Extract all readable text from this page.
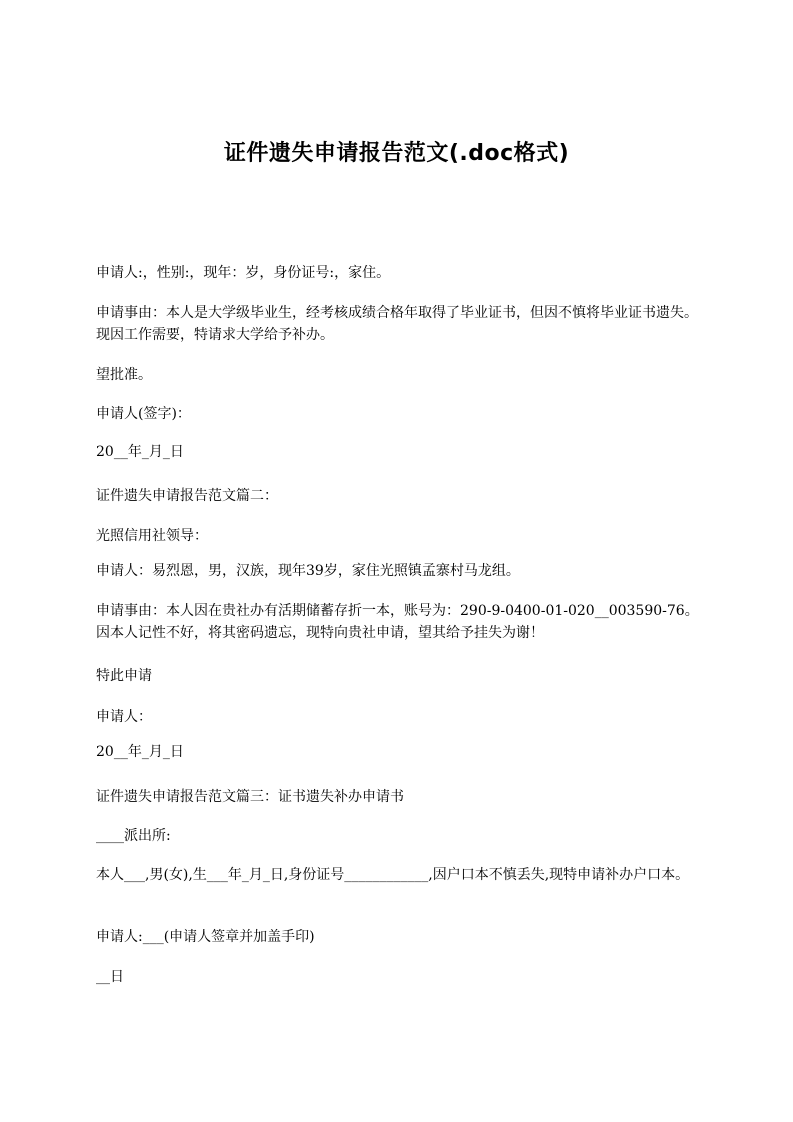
证件遗失申请报告范文(.doc格式)

申请人:，性别:，现年：岁，身份证号:，家住。

申请事由：本人是大学级毕业生，经考核成绩合格年取得了毕业证书，但因不慎将毕业证书遗失。现因工作需要，特请求大学给予补办。

望批准。

申请人(签字)：

20__年_月_日

证件遗失申请报告范文篇二：

光照信用社领导：

申请人：易烈恩，男，汉族，现年39岁，家住光照镇孟寨村马龙组。

申请事由：本人因在贵社办有活期储蓄存折一本，账号为：290-9-0400-01-020__003590-76。因本人记性不好，将其密码遗忘，现特向贵社申请，望其给予挂失为谢！

特此申请

申请人：

20__年_月_日

证件遗失申请报告范文篇三：证书遗失补办申请书

____派出所:

本人___,男(女),生___年_月_日,身份证号____________,因户口本不慎丢失,现特申请补办户口本。

申请人:___(申请人签章并加盖手印)

__日
